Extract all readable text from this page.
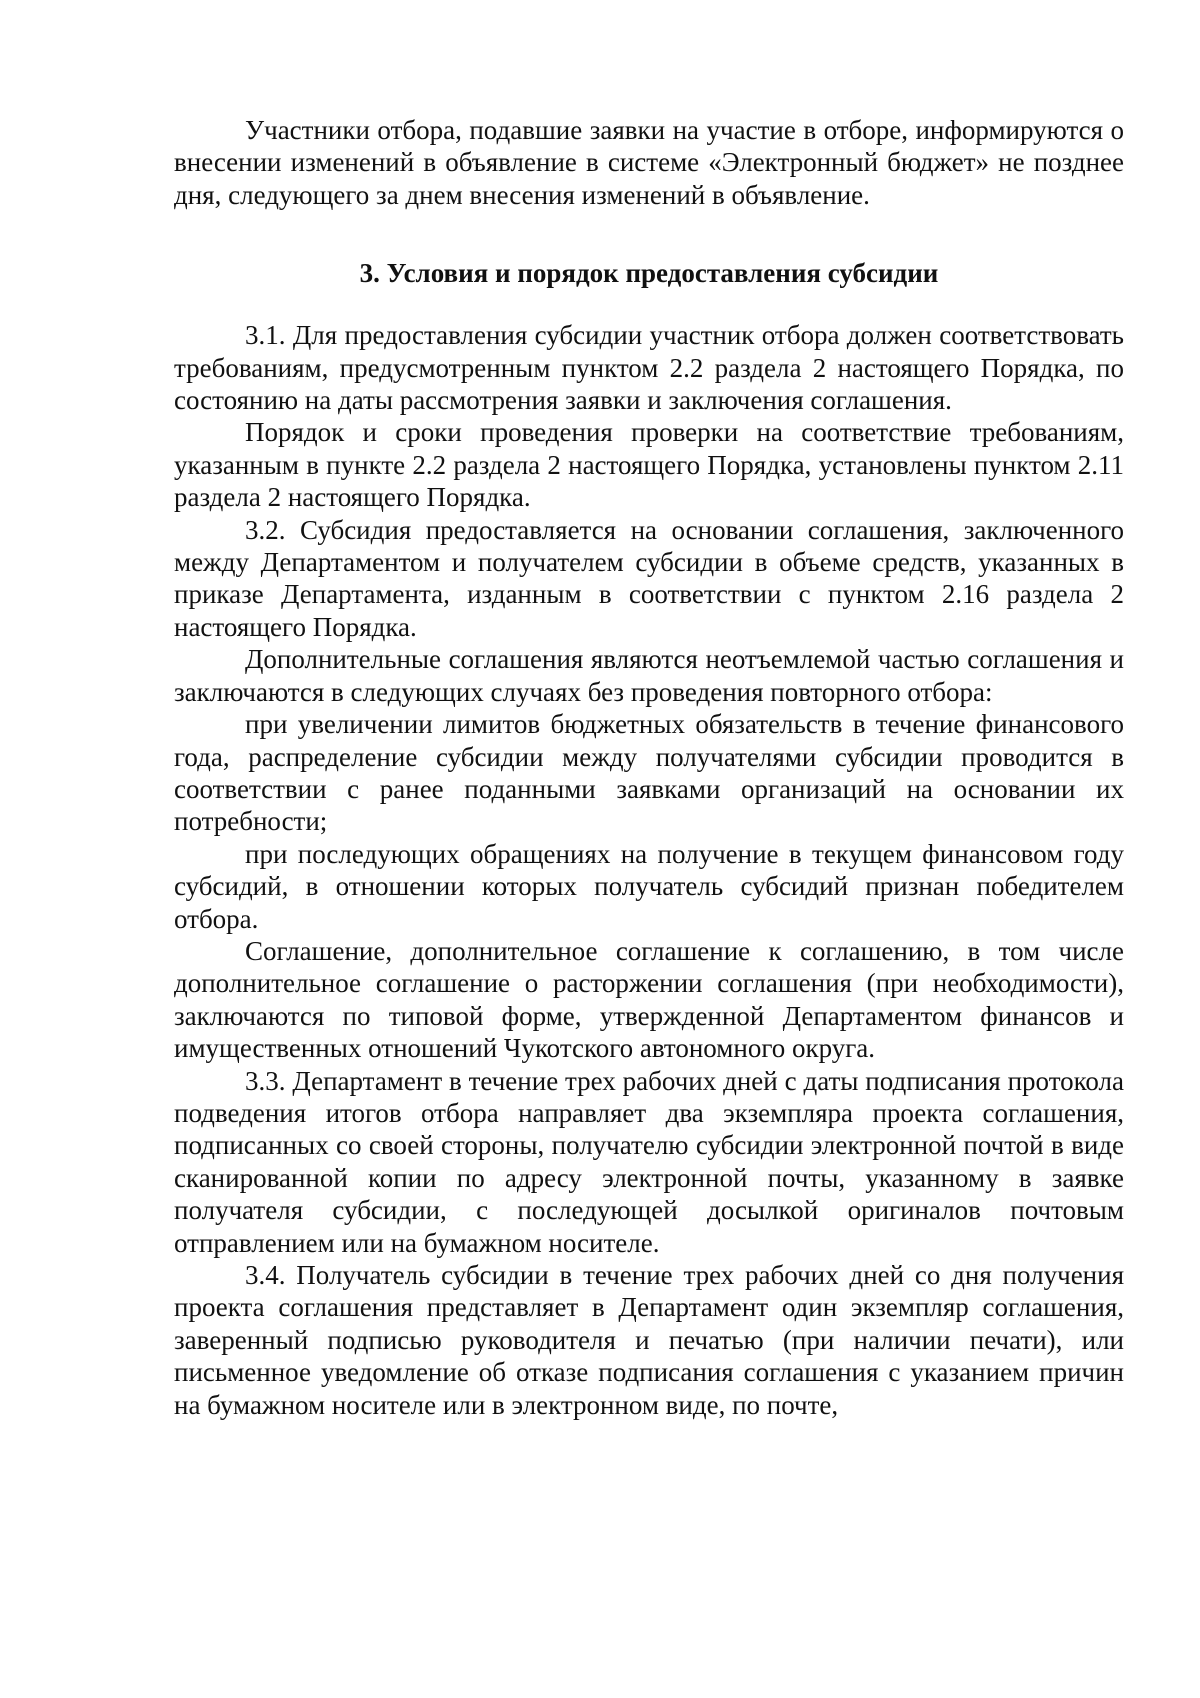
Участники отбора, подавшие заявки на участие в отборе, информируются о внесении изменений в объявление в системе «Электронный бюджет» не позднее дня, следующего за днем внесения изменений в объявление.

3. Условия и порядок предоставления субсидии

3.1. Для предоставления субсидии участник отбора должен соответствовать требованиям, предусмотренным пунктом 2.2 раздела 2 настоящего Порядка, по состоянию на даты рассмотрения заявки и заключения соглашения.

Порядок и сроки проведения проверки на соответствие требованиям, указанным в пункте 2.2 раздела 2 настоящего Порядка, установлены пунктом 2.11 раздела 2 настоящего Порядка.

3.2. Субсидия предоставляется на основании соглашения, заключенного между Департаментом и получателем субсидии в объеме средств, указанных в приказе Департамента, изданным в соответствии с пунктом 2.16 раздела 2 настоящего Порядка.

Дополнительные соглашения являются неотъемлемой частью соглашения и заключаются в следующих случаях без проведения повторного отбора:

при увеличении лимитов бюджетных обязательств в течение финансового года, распределение субсидии между получателями субсидии проводится в соответствии с ранее поданными заявками организаций на основании их потребности;

при последующих обращениях на получение в текущем финансовом году субсидий, в отношении которых получатель субсидий признан победителем отбора.

Соглашение, дополнительное соглашение к соглашению, в том числе дополнительное соглашение о расторжении соглашения (при необходимости), заключаются по типовой форме, утвержденной Департаментом финансов и имущественных отношений Чукотского автономного округа.

3.3. Департамент в течение трех рабочих дней с даты подписания протокола подведения итогов отбора направляет два экземпляра проекта соглашения, подписанных со своей стороны, получателю субсидии электронной почтой в виде сканированной копии по адресу электронной почты, указанному в заявке получателя субсидии, с последующей досылкой оригиналов почтовым отправлением или на бумажном носителе.

3.4. Получатель субсидии в течение трех рабочих дней со дня получения проекта соглашения представляет в Департамент один экземпляр соглашения, заверенный подписью руководителя и печатью (при наличии печати), или письменное уведомление об отказе подписания соглашения с указанием причин на бумажном носителе или в электронном виде, по почте,
